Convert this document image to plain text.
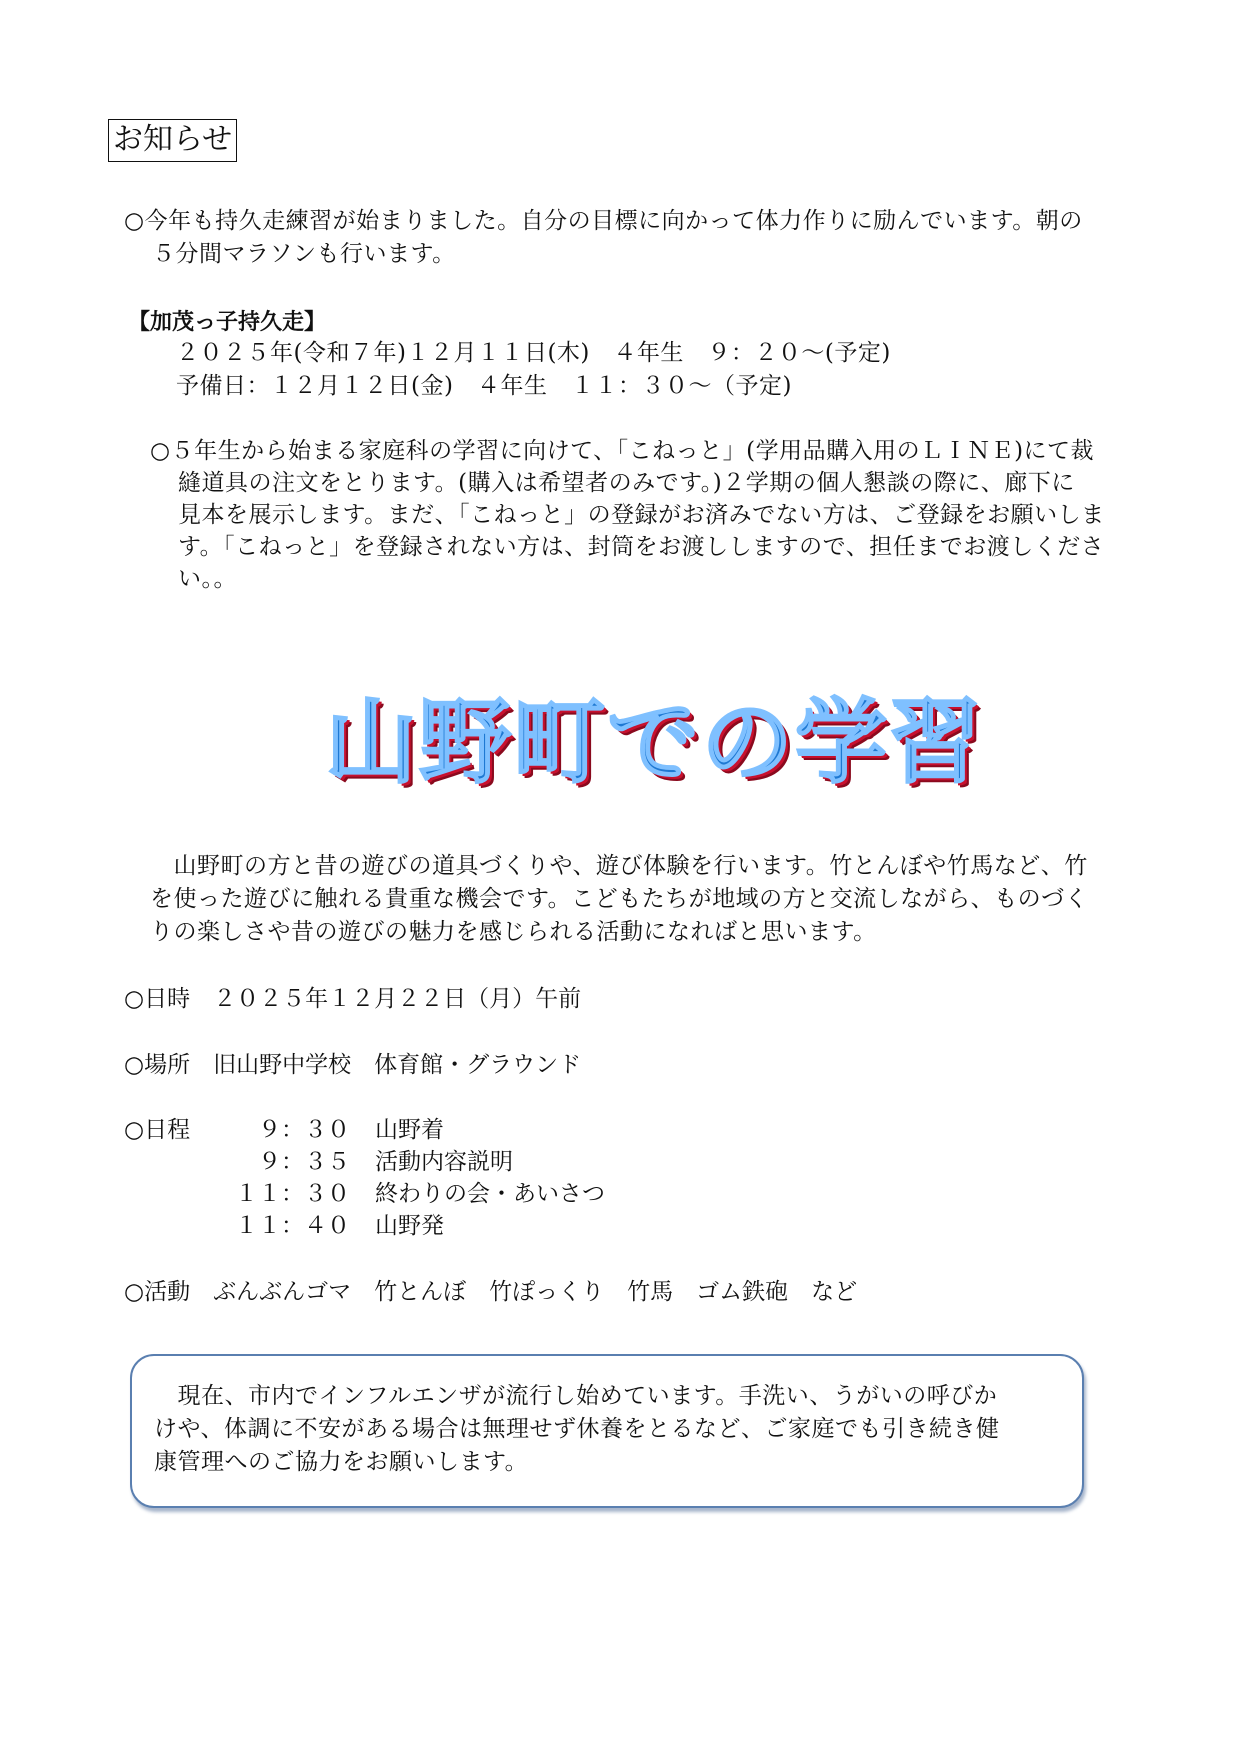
お知らせ
○今年も持久走練習が始まりました。自分の目標に向かって体力作りに励んでいます。朝の
５分間マラソンも行います。
【加茂っ子持久走】
２０２５年(令和７年)１２月１１日(木)　４年生　９：２０～(予定)
予備日：１２月１２日(金)　４年生　１１：３０～（予定)
○５年生から始まる家庭科の学習に向けて、「こねっと」(学用品購入用のＬＩＮＥ)にて裁
縫道具の注文をとります。(購入は希望者のみです。)２学期の個人懇談の際に、廊下に
見本を展示します。まだ、「こねっと」の登録がお済みでない方は、ご登録をお願いしま
す。「こねっと」を登録されない方は、封筒をお渡ししますので、担任までお渡しくださ
い。。
山野町での学習
　山野町の方と昔の遊びの道具づくりや、遊び体験を行います。竹とんぼや竹馬など、竹
を使った遊びに触れる貴重な機会です。こどもたちが地域の方と交流しながら、ものづく
りの楽しさや昔の遊びの魅力を感じられる活動になればと思います。
○日時　２０２５年１２月２２日（月）午前
○場所　旧山野中学校　体育館・グラウンド
○日程	９：３０ 山野着
９：３５ 活動内容説明
１１：３０ 終わりの会・あいさつ
１１：４０ 山野発
○活動　ぶんぶんゴマ　竹とんぼ　竹ぽっくり　竹馬　ゴム鉄砲　など
　現在、市内でインフルエンザが流行し始めています。手洗い、うがいの呼びか
けや、体調に不安がある場合は無理せず休養をとるなど、ご家庭でも引き続き健
康管理へのご協力をお願いします。
